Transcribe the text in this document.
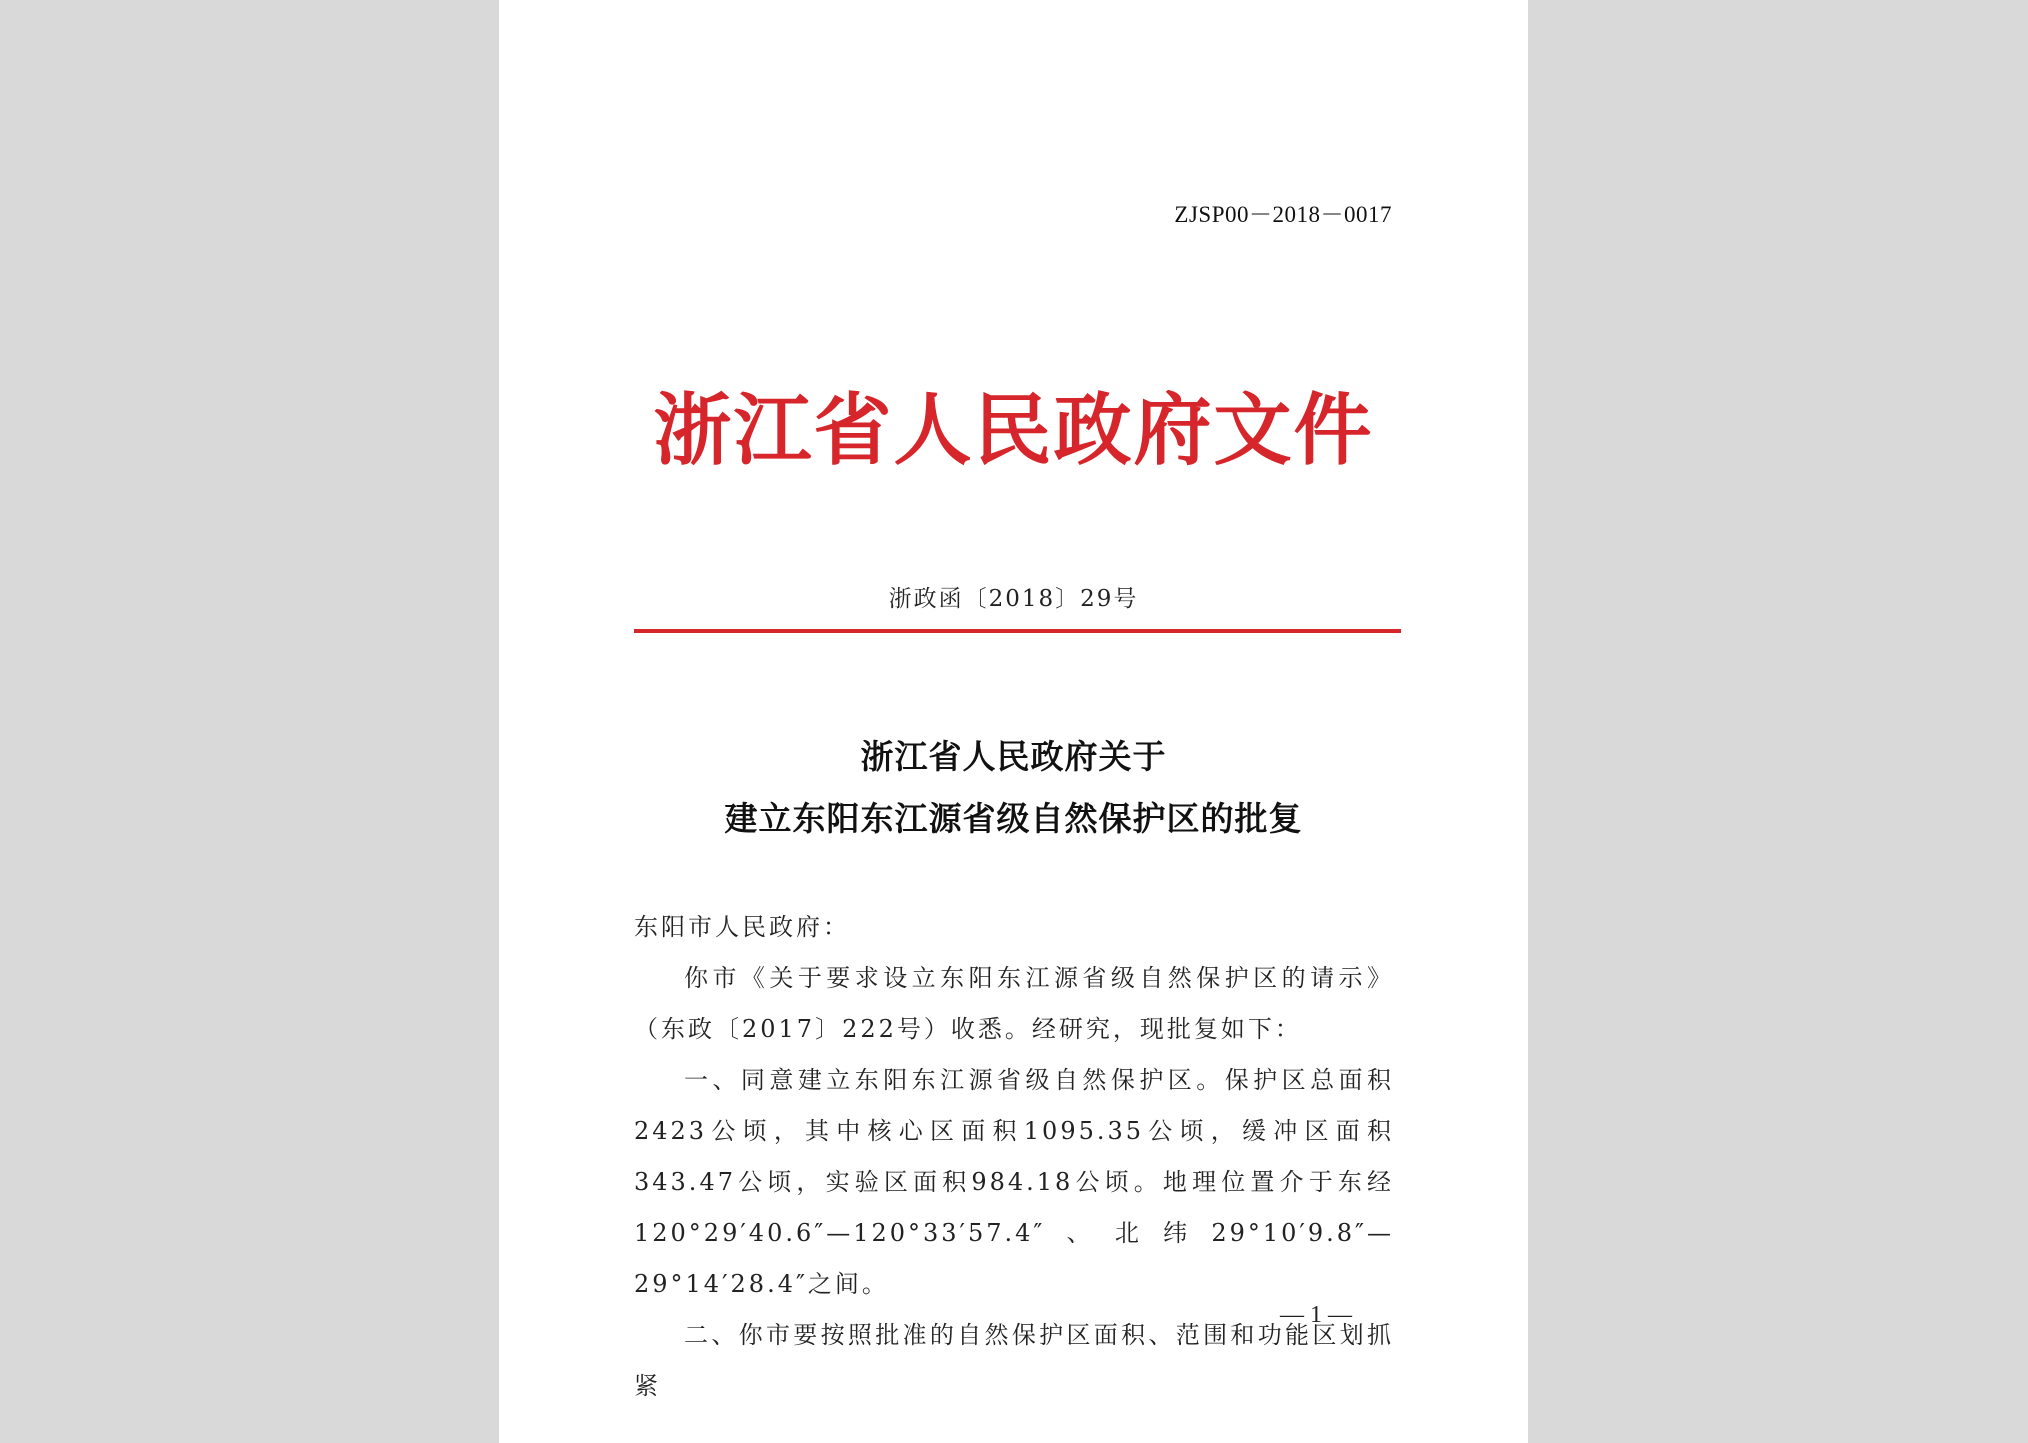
ZJSP00－2018－0017
浙江省人民政府文件
浙政函〔2018〕29号
浙江省人民政府关于
建立东阳东江源省级自然保护区的批复

东阳市人民政府：

你市《关于要求设立东阳东江源省级自然保护区的请示》（东政〔2017〕222号）收悉。经研究，现批复如下：

一、同意建立东阳东江源省级自然保护区。保护区总面积2423公顷，其中核心区面积1095.35公顷，缓冲区面积343.47公顷，实验区面积984.18公顷。地理位置介于东经120°29′40.6″—120°33′57.4″、北纬29°10′9.8″—29°14′28.4″之间。

二、你市要按照批准的自然保护区面积、范围和功能区划抓紧

— 1 —
